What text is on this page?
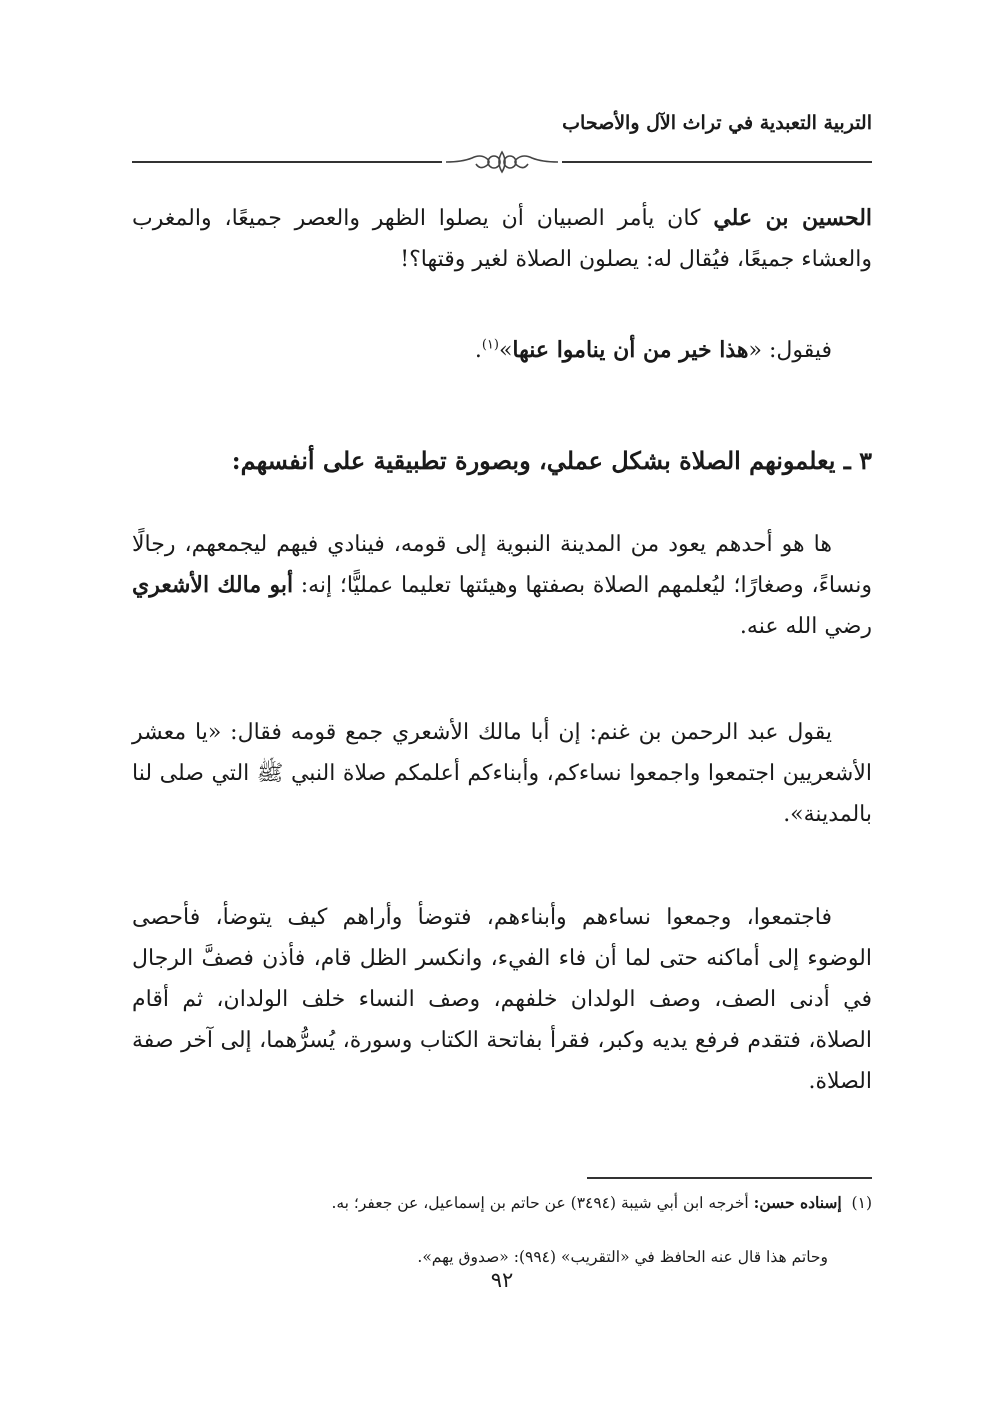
التربية التعبدية في تراث الآل والأصحاب

الحسين بن علي كان يأمر الصبيان أن يصلوا الظهر والعصر جميعًا، والمغرب والعشاء جميعًا، فيُقال له: يصلون الصلاة لغير وقتها؟!

فيقول: «هذا خير من أن يناموا عنها»$^{(١)}$.

٣ ـ يعلمونهم الصلاة بشكل عملي، وبصورة تطبيقية على أنفسهم:

ها هو أحدهم يعود من المدينة النبوية إلى قومه، فينادي فيهم ليجمعهم، رجالًا ونساءً، وصغارًا؛ ليُعلمهم الصلاة بصفتها وهيئتها تعليما عمليًّا؛ إنه: أبو مالك الأشعري رضي الله عنه.

يقول عبد الرحمن بن غنم: إن أبا مالك الأشعري جمع قومه فقال: «يا معشر الأشعريين اجتمعوا واجمعوا نساءكم، وأبناءكم أعلمكم صلاة النبي ﷺ التي صلى لنا بالمدينة».

فاجتمعوا، وجمعوا نساءهم وأبناءهم، فتوضأ وأراهم كيف يتوضأ، فأحصى الوضوء إلى أماكنه حتى لما أن فاء الفيء، وانكسر الظل قام، فأذن فصفَّ الرجال في أدنى الصف، وصف الولدان خلفهم، وصف النساء خلف الولدان، ثم أقام الصلاة، فتقدم فرفع يديه وكبر، فقرأ بفاتحة الكتاب وسورة، يُسرُّهما، إلى آخر صفة الصلاة.

(١)  إسناده حسن: أخرجه ابن أبي شيبة (٣٤٩٤) عن حاتم بن إسماعيل، عن جعفر؛ به.

وحاتم هذا قال عنه الحافظ في «التقريب» (٩٩٤): «صدوق يهم».

٩٢
